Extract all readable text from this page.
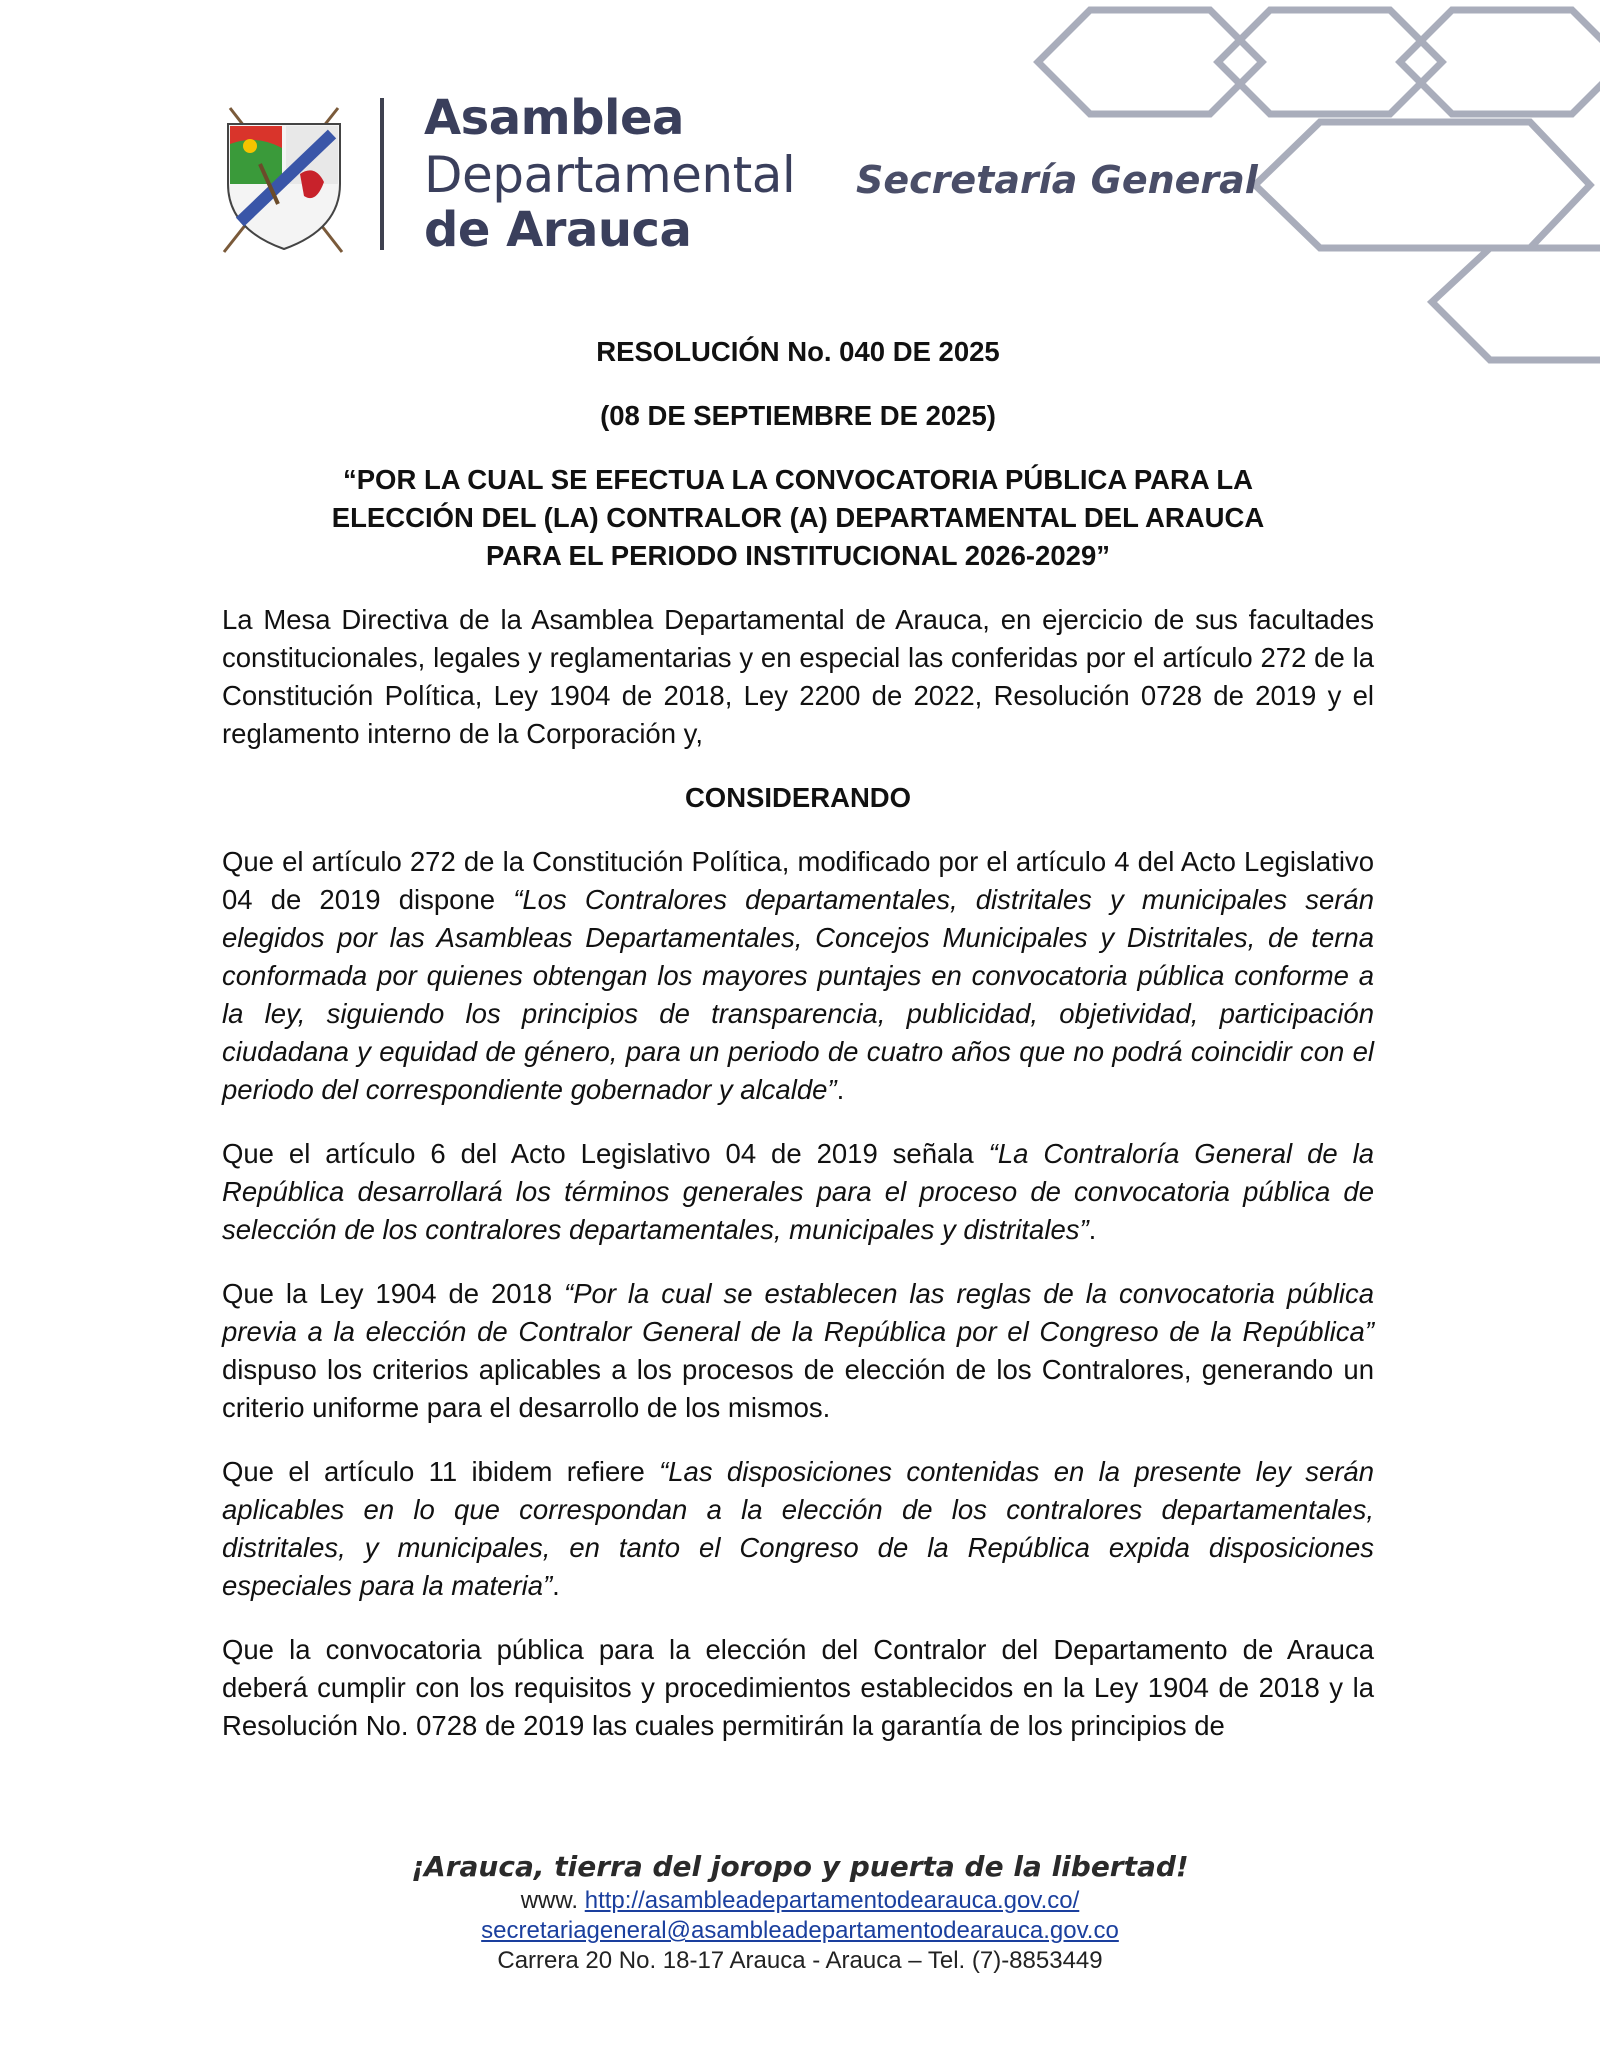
Asamblea
Departamental
de Arauca
Secretaría General

RESOLUCIÓN No. 040 DE 2025

(08 DE SEPTIEMBRE DE 2025)

“POR LA CUAL SE EFECTUA LA CONVOCATORIA PÚBLICA PARA LA
ELECCIÓN DEL (LA) CONTRALOR (A) DEPARTAMENTAL DEL ARAUCA
PARA EL PERIODO INSTITUCIONAL 2026-2029”

La Mesa Directiva de la Asamblea Departamental de Arauca, en ejercicio de sus facultades constitucionales, legales y reglamentarias y en especial las conferidas por el artículo 272 de la Constitución Política, Ley 1904 de 2018, Ley 2200 de 2022, Resolución 0728 de 2019 y el reglamento interno de la Corporación y,

CONSIDERANDO

Que el artículo 272 de la Constitución Política, modificado por el artículo 4 del Acto Legislativo 04 de 2019 dispone “Los Contralores departamentales, distritales y municipales serán elegidos por las Asambleas Departamentales, Concejos Municipales y Distritales, de terna conformada por quienes obtengan los mayores puntajes en convocatoria pública conforme a la ley, siguiendo los principios de transparencia, publicidad, objetividad, participación ciudadana y equidad de género, para un periodo de cuatro años que no podrá coincidir con el periodo del correspondiente gobernador y alcalde”.

Que el artículo 6 del Acto Legislativo 04 de 2019 señala “La Contraloría General de la República desarrollará los términos generales para el proceso de convocatoria pública de selección de los contralores departamentales, municipales y distritales”.

Que la Ley 1904 de 2018 “Por la cual se establecen las reglas de la convocatoria pública previa a la elección de Contralor General de la República por el Congreso de la República” dispuso los criterios aplicables a los procesos de elección de los Contralores, generando un criterio uniforme para el desarrollo de los mismos.

Que el artículo 11 ibidem refiere “Las disposiciones contenidas en la presente ley serán aplicables en lo que correspondan a la elección de los contralores departamentales, distritales, y municipales, en tanto el Congreso de la República expida disposiciones especiales para la materia”.

Que la convocatoria pública para la elección del Contralor del Departamento de Arauca deberá cumplir con los requisitos y procedimientos establecidos en la Ley 1904 de 2018 y la Resolución No. 0728 de 2019 las cuales permitirán la garantía de los principios de

¡Arauca, tierra del joropo y puerta de la libertad!
www. http://asambleadepartamentodearauca.gov.co/
secretariageneral@asambleadepartamentodearauca.gov.co
Carrera 20 No. 18-17 Arauca - Arauca – Tel. (7)-8853449
